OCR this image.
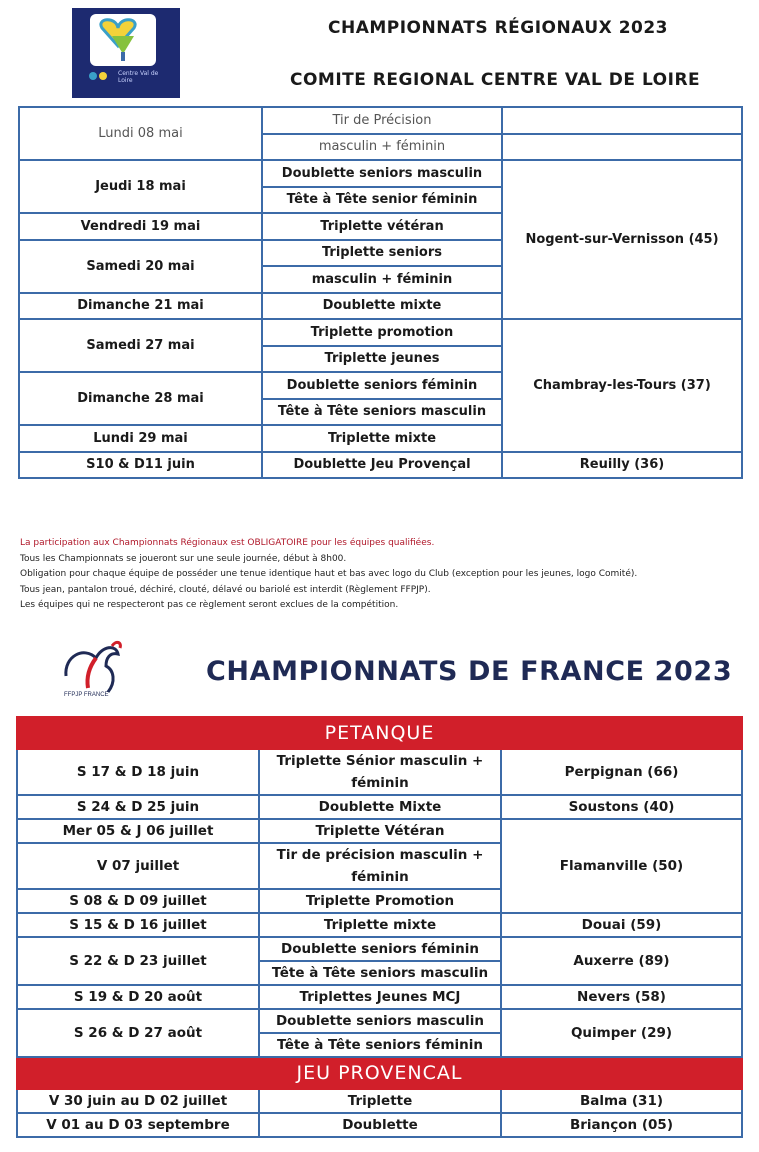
Centre Val de Loire
CHAMPIONNATS RÉGIONAUX 2023
COMITE REGIONAL CENTRE VAL DE LOIRE
Lundi 08 mai	Tir de Précision	
	masculin + féminin	
Jeudi 18 mai	Doublette seniors masculin	Nogent-sur-Vernisson (45)
	Tête à Tête senior féminin	
Vendredi 19 mai	Triplette vétéran	
Samedi 20 mai	Triplette seniors	
	masculin + féminin	
Dimanche 21 mai	Doublette mixte	
Samedi 27 mai	Triplette promotion	Chambray-les-Tours (37)
	Triplette jeunes	
Dimanche 28 mai	Doublette seniors féminin	
	Tête à Tête seniors masculin	
Lundi 29 mai	Triplette mixte	
S10 & D11 juin	Doublette Jeu Provençal	Reuilly (36)
La participation aux Championnats Régionaux est OBLIGATOIRE pour les équipes qualifiées.
Tous les Championnats se joueront sur une seule journée, début à 8h00.
Obligation pour chaque équipe de posséder une tenue identique haut et bas avec logo du Club (exception pour les jeunes, logo Comité).
Tous jean, pantalon troué, déchiré, clouté, délavé ou bariolé est interdit (Règlement FFPJP).
Les équipes qui ne respecteront pas ce règlement seront exclues de la compétition.
FFPJP FRANCE
CHAMPIONNATS DE FRANCE 2023
PETANQUE		
S 17 & D 18 juin	Triplette Sénior masculin + féminin	Perpignan (66)
S 24 & D 25 juin	Doublette Mixte	Soustons (40)
Mer 05 & J 06 juillet	Triplette Vétéran	Flamanville (50)
V 07 juillet	Tir de précision masculin + féminin	
S 08 & D 09 juillet	Triplette Promotion	
S 15 & D 16 juillet	Triplette mixte	Douai (59)
S 22 & D 23 juillet	Doublette seniors féminin	Auxerre (89)
	Tête à Tête seniors masculin	
S 19 & D 20 août	Triplettes Jeunes MCJ	Nevers (58)
S 26 & D 27 août	Doublette seniors masculin	Quimper (29)
	Tête à Tête seniors féminin	
JEU PROVENCAL		
V 30 juin au D 02 juillet	Triplette	Balma (31)
V 01 au D 03 septembre	Doublette	Briançon (05)
